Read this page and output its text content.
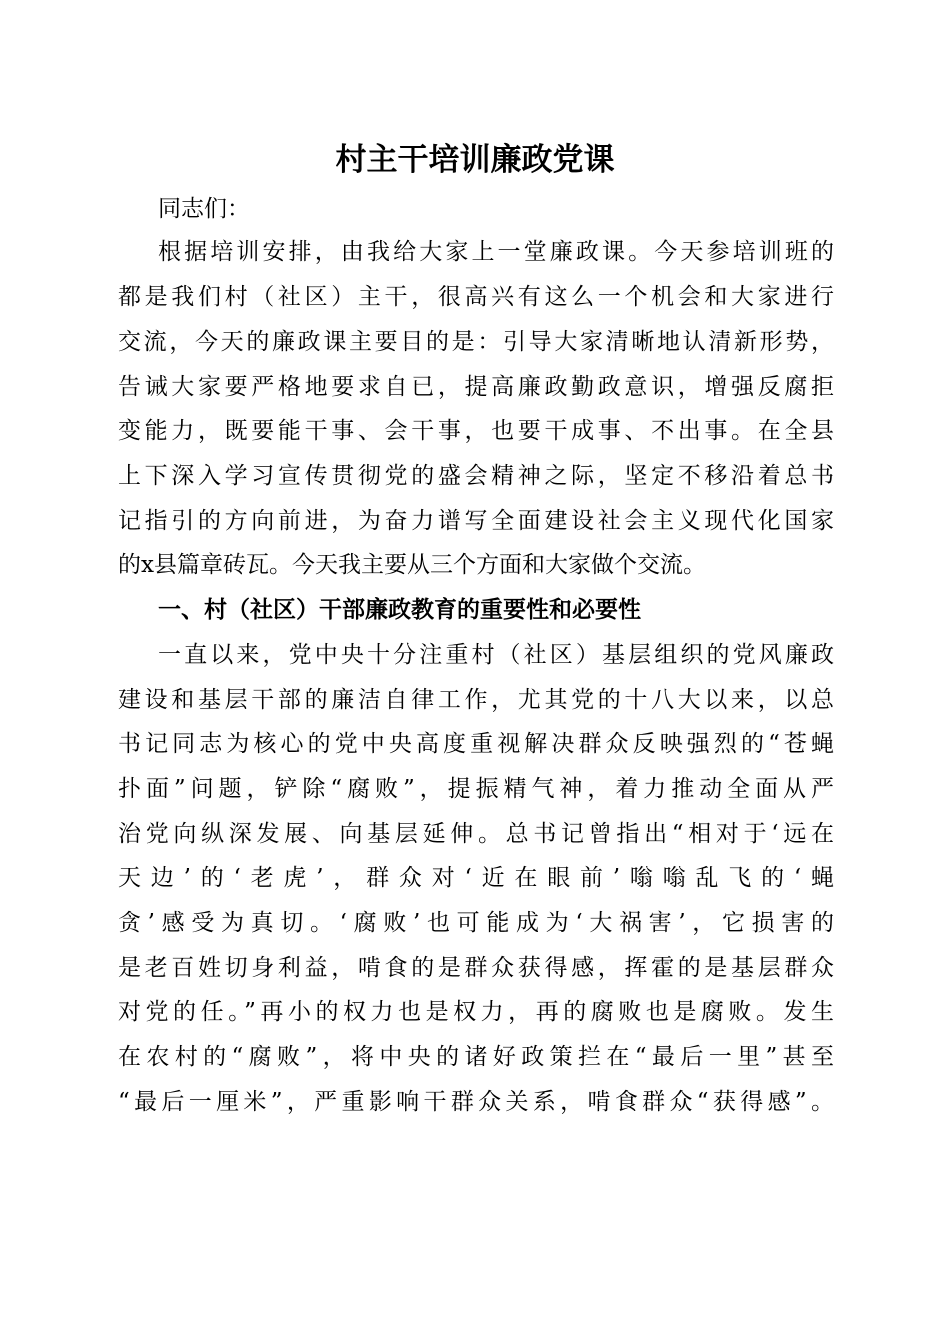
村主干培训廉政党课

同志们：

根据培训安排，由我给大家上一堂廉政课。今天参培训班的

都是我们村（社区）主干，很高兴有这么一个机会和大家进行

交流，今天的廉政课主要目的是：引导大家清晰地认清新形势，

告诫大家要严格地要求自已，提高廉政勤政意识，增强反腐拒

变能力，既要能干事、会干事，也要干成事、不出事。在全县

上下深入学习宣传贯彻党的盛会精神之际，坚定不移沿着总书

记指引的方向前进，为奋力谱写全面建设社会主义现代化国家

的x县篇章砖瓦。今天我主要从三个方面和大家做个交流。

一、村（社区）干部廉政教育的重要性和必要性

一直以来，党中央十分注重村（社区）基层组织的党风廉政

建设和基层干部的廉洁自律工作，尤其党的十八大以来，以总

书记同志为核心的党中央高度重视解决群众反映强烈的“苍蝇

扑面”问题，铲除“腐败”，提振精气神，着力推动全面从严

治党向纵深发展、向基层延伸。总书记曾指出“相对于‘远在

天边’的‘老虎’，群众对‘近在眼前’嗡嗡乱飞的‘蝇

贪’感受为真切。‘腐败’也可能成为‘大祸害’，它损害的

是老百姓切身利益，啃食的是群众获得感，挥霍的是基层群众

对党的任。”再小的权力也是权力，再的腐败也是腐败。发生

在农村的“腐败”，将中央的诸好政策拦在“最后一里”甚至

“最后一厘米”，严重影响干群众关系，啃食群众“获得感”。
